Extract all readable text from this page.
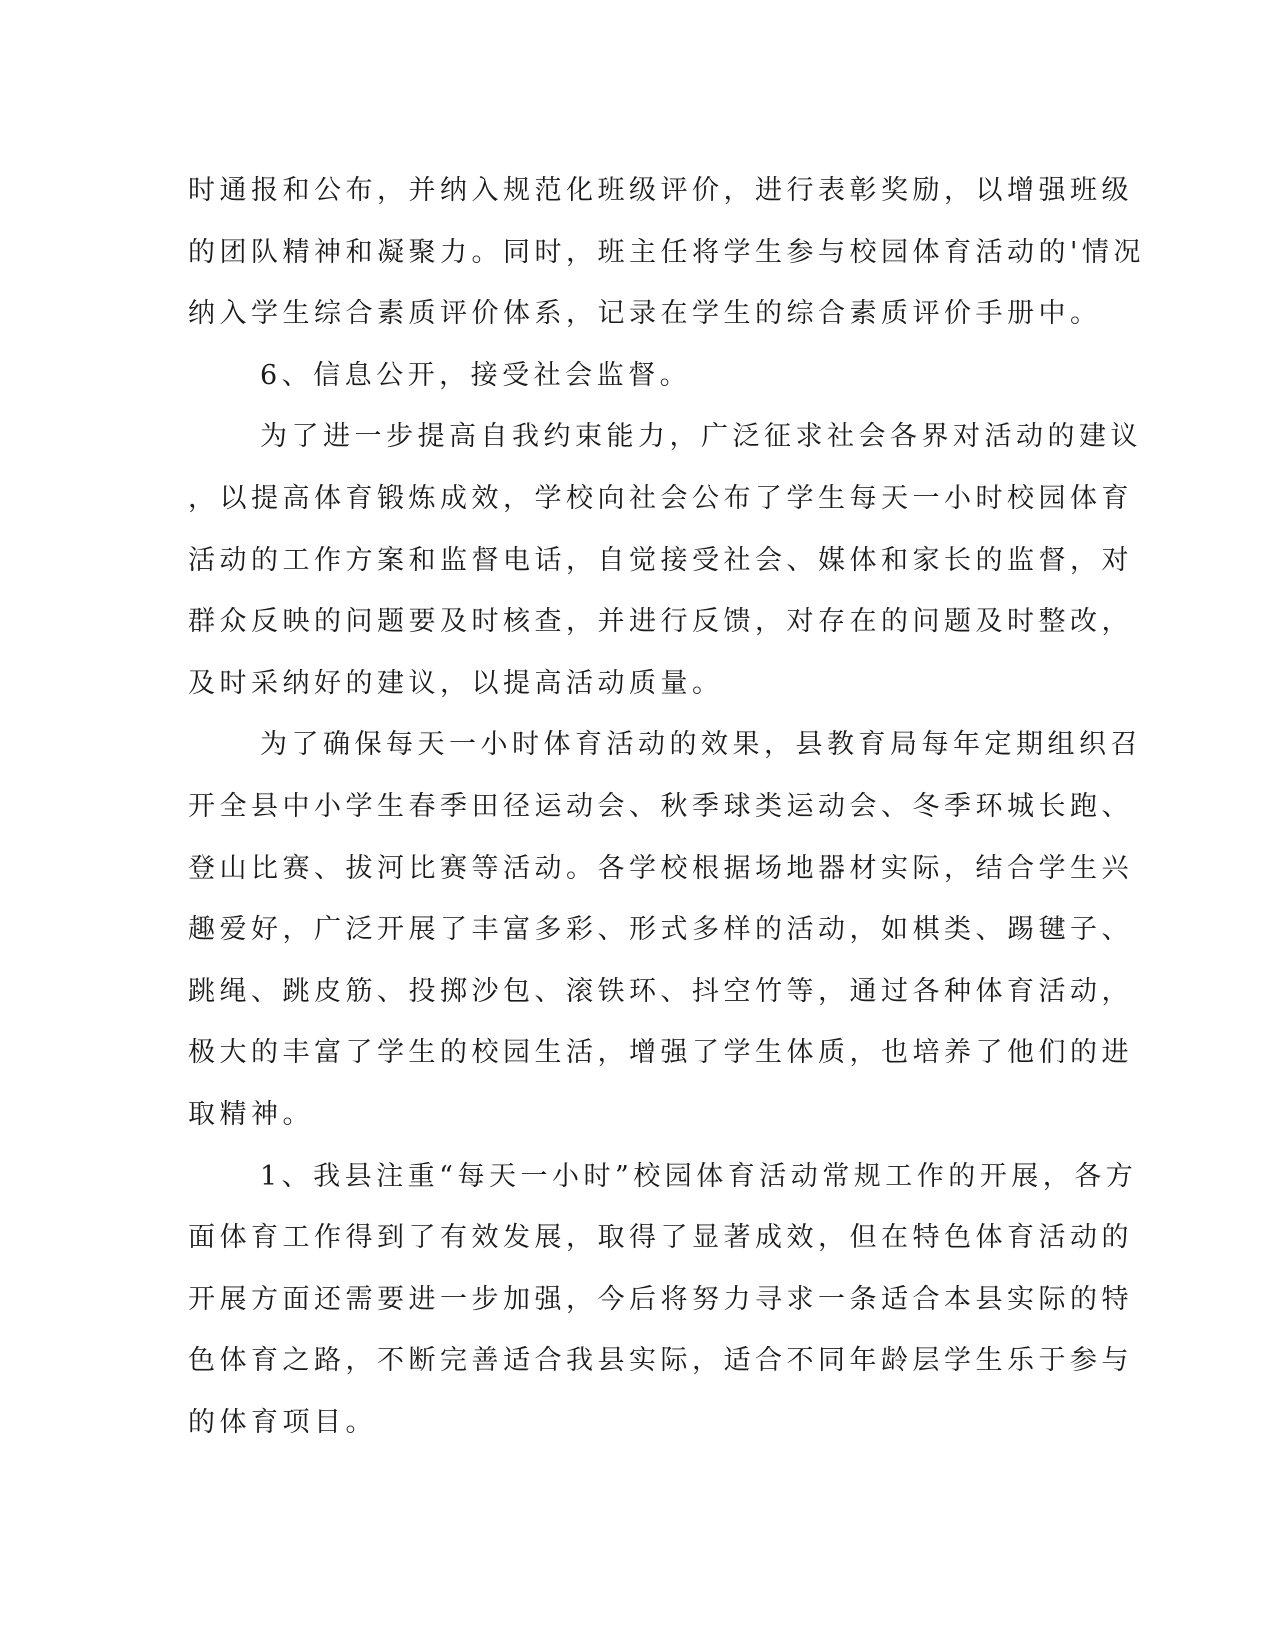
时通报和公布，并纳入规范化班级评价，进行表彰奖励，以增强班级
的团队精神和凝聚力。同时，班主任将学生参与校园体育活动的'情况
纳入学生综合素质评价体系，记录在学生的综合素质评价手册中。
6、信息公开，接受社会监督。
为了进一步提高自我约束能力，广泛征求社会各界对活动的建议
，以提高体育锻炼成效，学校向社会公布了学生每天一小时校园体育
活动的工作方案和监督电话，自觉接受社会、媒体和家长的监督，对
群众反映的问题要及时核查，并进行反馈，对存在的问题及时整改，
及时采纳好的建议，以提高活动质量。
为了确保每天一小时体育活动的效果，县教育局每年定期组织召
开全县中小学生春季田径运动会、秋季球类运动会、冬季环城长跑、
登山比赛、拔河比赛等活动。各学校根据场地器材实际，结合学生兴
趣爱好，广泛开展了丰富多彩、形式多样的活动，如棋类、踢毽子、
跳绳、跳皮筋、投掷沙包、滚铁环、抖空竹等，通过各种体育活动，
极大的丰富了学生的校园生活，增强了学生体质，也培养了他们的进
取精神。
1、我县注重“每天一小时”校园体育活动常规工作的开展，各方
面体育工作得到了有效发展，取得了显著成效，但在特色体育活动的
开展方面还需要进一步加强，今后将努力寻求一条适合本县实际的特
色体育之路，不断完善适合我县实际，适合不同年龄层学生乐于参与
的体育项目。
